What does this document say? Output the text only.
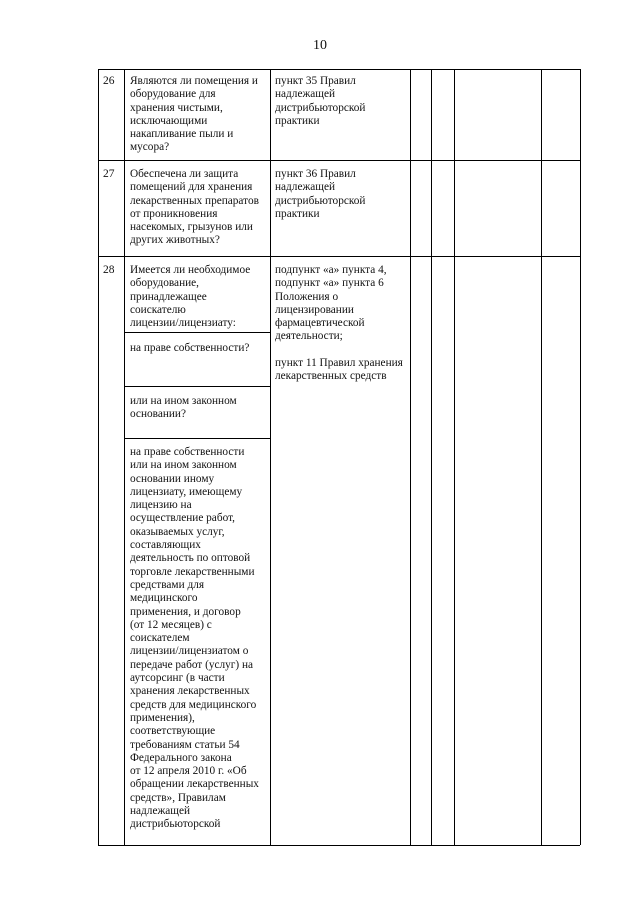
10
26 Являются ли помещения и
оборудование для
хранения чистыми,
исключающими
накапливание пыли и
мусора?
пункт 35 Правил
надлежащей
дистрибьюторской
практики
27 Обеспечена ли защита
помещений для хранения
лекарственных препаратов
от проникновения
насекомых, грызунов или
других животных?
пункт 36 Правил
надлежащей
дистрибьюторской
практики
28 Имеется ли необходимое
оборудование,
принадлежащее
соискателю
лицензии/лицензиату:
подпункт «а» пункта 4,
подпункт «а» пункта 6
Положения о
лицензировании
фармацевтической
деятельности;

пункт 11 Правил хранения
лекарственных средств
на праве собственности?
или на ином законном
основании?
на праве собственности
или на ином законном
основании иному
лицензиату, имеющему
лицензию на
осуществление работ,
оказываемых услуг,
составляющих
деятельность по оптовой
торговле лекарственными
средствами для
медицинского
применения, и договор
(от 12 месяцев) с
соискателем
лицензии/лицензиатом о
передаче работ (услуг) на
аутсорсинг (в части
хранения лекарственных
средств для медицинского
применения),
соответствующие
требованиям статьи 54
Федерального закона
от 12 апреля 2010 г. «Об
обращении лекарственных
средств», Правилам
надлежащей
дистрибьюторской
